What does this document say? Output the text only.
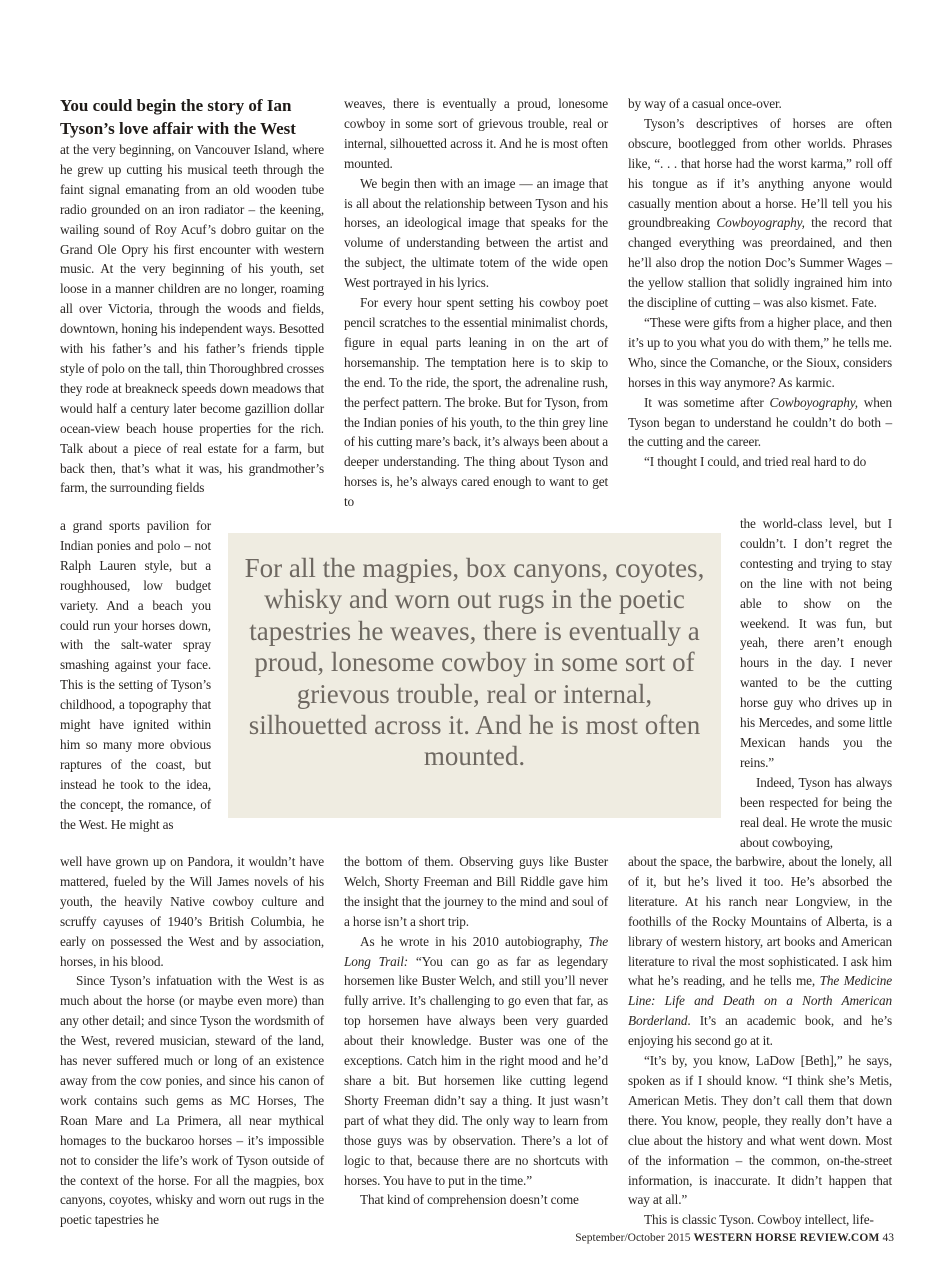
You could begin the story of Ian Tyson’s love affair with the West

at the very beginning, on Vancouver Island, where he grew up cutting his musical teeth through the faint signal emanating from an old wooden tube radio grounded on an iron radiator – the keening, wailing sound of Roy Acuf’s dobro guitar on the Grand Ole Opry his first encounter with western music. At the very beginning of his youth, set loose in a manner children are no longer, roaming all over Victoria, through the woods and fields, downtown, honing his independent ways. Besotted with his father’s and his father’s friends tipple style of polo on the tall, thin Thoroughbred crosses they rode at breakneck speeds down meadows that would half a century later become gazillion dollar ocean-view beach house properties for the rich. Talk about a piece of real estate for a farm, but back then, that’s what it was, his grandmother’s farm, the surrounding fields

a grand sports pavilion for Indian ponies and polo – not Ralph Lauren style, but a roughhoused, low budget variety. And a beach you could run your horses down, with the salt-water spray smashing against your face. This is the setting of Tyson’s childhood, a topography that might have ignited within him so many more obvious raptures of the coast, but instead he took to the idea, the concept, the romance, of the West. He might as

well have grown up on Pandora, it wouldn’t have mattered, fueled by the Will James novels of his youth, the heavily Native cowboy culture and scruffy cayuses of 1940’s British Columbia, he early on possessed the West and by association, horses, in his blood.

Since Tyson’s infatuation with the West is as much about the horse (or maybe even more) than any other detail; and since Tyson the wordsmith of the West, revered musician, steward of the land, has never suffered much or long of an existence away from the cow ponies, and since his canon of work contains such gems as MC Horses, The Roan Mare and La Primera, all near mythical homages to the buckaroo horses – it’s impossible not to consider the life’s work of Tyson outside of the context of the horse. For all the magpies, box canyons, coyotes, whisky and worn out rugs in the poetic tapestries he

weaves, there is eventually a proud, lonesome cowboy in some sort of grievous trouble, real or internal, silhouetted across it. And he is most often mounted.

We begin then with an image — an image that is all about the relationship between Tyson and his horses, an ideological image that speaks for the volume of understanding between the artist and the subject, the ultimate totem of the wide open West portrayed in his lyrics.

For every hour spent setting his cowboy poet pencil scratches to the essential minimalist chords, figure in equal parts leaning in on the art of horsemanship. The temptation here is to skip to the end. To the ride, the sport, the adrenaline rush, the perfect pattern. The broke. But for Tyson, from the Indian ponies of his youth, to the thin grey line of his cutting mare’s back, it’s always been about a deeper understanding. The thing about Tyson and horses is, he’s always cared enough to want to get to

the bottom of them. Observing guys like Buster Welch, Shorty Freeman and Bill Riddle gave him the insight that the journey to the mind and soul of a horse isn’t a short trip.

As he wrote in his 2010 autobiography, The Long Trail: “You can go as far as legendary horsemen like Buster Welch, and still you’ll never fully arrive. It’s challenging to go even that far, as top horsemen have always been very guarded about their knowledge. Buster was one of the exceptions. Catch him in the right mood and he’d share a bit. But horsemen like cutting legend Shorty Freeman didn’t say a thing. It just wasn’t part of what they did. The only way to learn from those guys was by observation. There’s a lot of logic to that, because there are no shortcuts with horses. You have to put in the time.”

That kind of comprehension doesn’t come

by way of a casual once-over.

Tyson’s descriptives of horses are often obscure, bootlegged from other worlds. Phrases like, “. . . that horse had the worst karma,” roll off his tongue as if it’s anything anyone would casually mention about a horse. He’ll tell you his groundbreaking Cowboyography, the record that changed everything was preordained, and then he’ll also drop the notion Doc’s Summer Wages – the yellow stallion that solidly ingrained him into the discipline of cutting – was also kismet. Fate.

“These were gifts from a higher place, and then it’s up to you what you do with them,” he tells me. Who, since the Comanche, or the Sioux, considers horses in this way anymore? As karmic.

It was sometime after Cowboyography, when Tyson began to understand he couldn’t do both – the cutting and the career.

“I thought I could, and tried real hard to do

the world-class level, but I couldn’t. I don’t regret the contesting and trying to stay on the line with not being able to show on the weekend. It was fun, but yeah, there aren’t enough hours in the day. I never wanted to be the cutting horse guy who drives up in his Mercedes, and some little Mexican hands you the reins.”

Indeed, Tyson has always been respected for being the real deal. He wrote the music about cowboying,

about the space, the barbwire, about the lonely, all of it, but he’s lived it too. He’s absorbed the literature. At his ranch near Longview, in the foothills of the Rocky Mountains of Alberta, is a library of western history, art books and American literature to rival the most sophisticated. I ask him what he’s reading, and he tells me, The Medicine Line: Life and Death on a North American Borderland. It’s an academic book, and he’s enjoying his second go at it.

“It’s by, you know, LaDow [Beth],” he says, spoken as if I should know. “I think she’s Metis, American Metis. They don’t call them that down there. You know, people, they really don’t have a clue about the history and what went down. Most of the information – the common, on-the-street information, is inaccurate. It didn’t happen that way at all.”

This is classic Tyson. Cowboy intellect, life-

For all the magpies, box canyons, coyotes, whisky and worn out rugs in the poetic tapestries he weaves, there is eventually a proud, lonesome cowboy in some sort of grievous trouble, real or internal, silhouetted across it. And he is most often mounted.
September/October 2015 WESTERN HORSE REVIEW.COM 43
